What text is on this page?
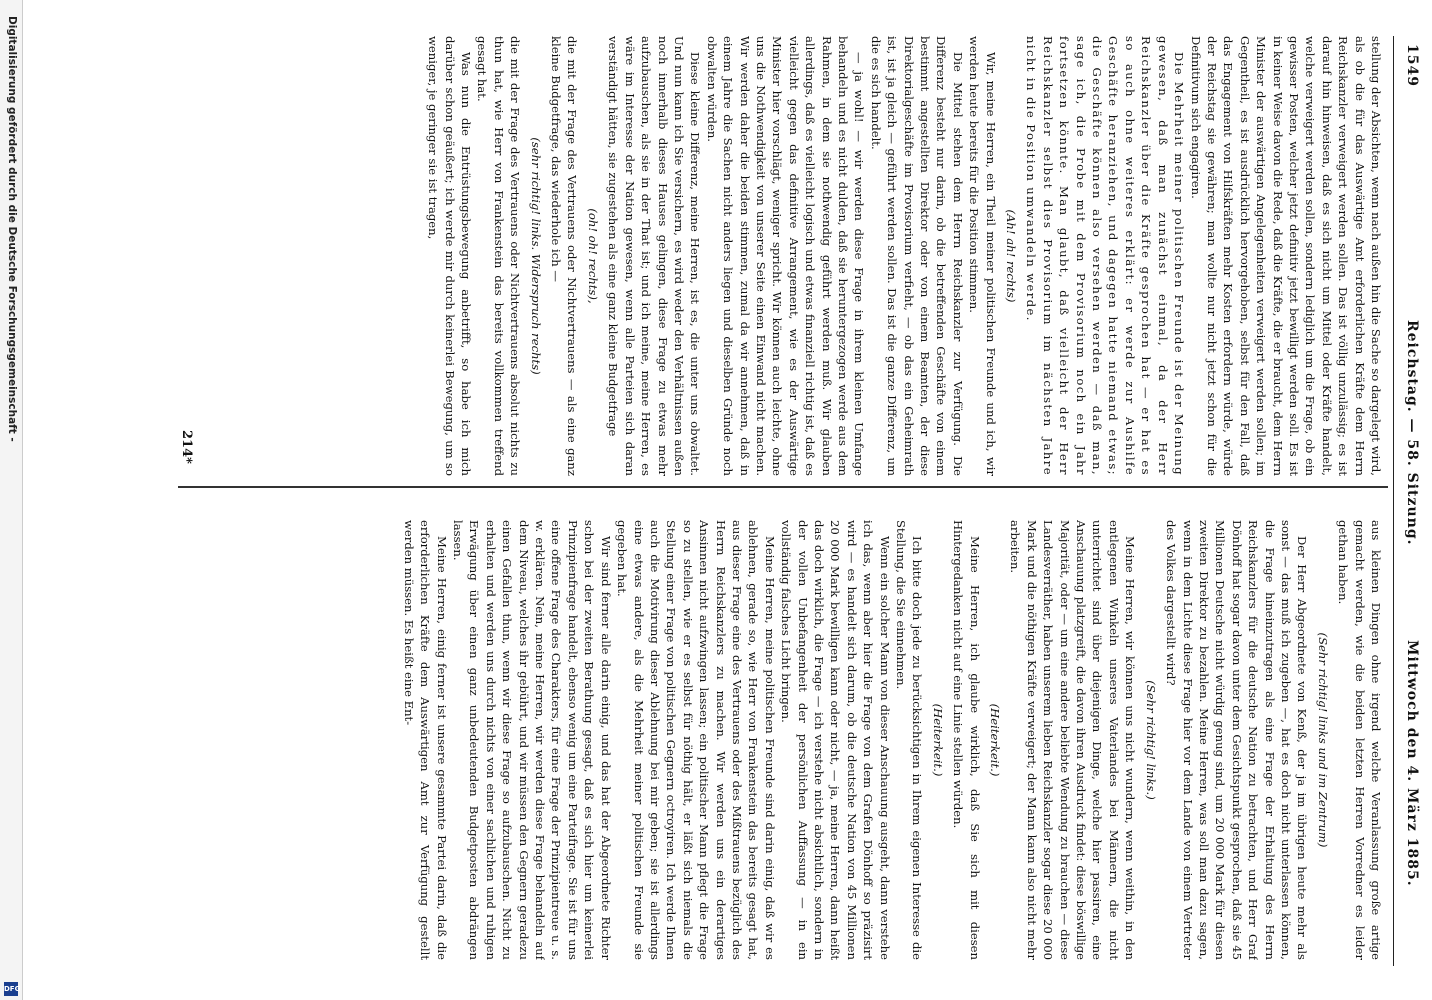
1549
Reichstag. — 58. Sitzung.
Mittwoch den 4. März 1885.

stellung der Absichten, wenn nach außen hin die Sache so dargelegt wird, als ob die für das Auswärtige Amt erforderlichen Kräfte dem Herrn Reichskanzler verweigert werden sollen. Das ist völlig unzulässig; es ist darauf hin hinweisen, daß es sich nicht um Mittel oder Kräfte handelt, welche verweigert werden sollen, sondern lediglich um die Frage, ob ein gewisser Posten, welcher jetzt definitiv jetzt bewilligt werden soll. Es ist in keiner Weise davon die Rede, daß die Kräfte, die er braucht, dem Herrn Minister der auswärtigen Angelegenheiten verweigert werden sollen; im Gegentheil, es ist ausdrücklich hervorgehoben, selbst für den Fall, daß das Engagement von Hilfskräften mehr Kosten erfordern würde, würde der Reichstag sie gewähren; man wollte nur nicht jetzt schon für die Definitivum sich engagiren.

Die Mehrheit meiner politischen Freunde ist der Meinung gewesen, daß man zunächst einmal, da der Herr Reichskanzler über die Kräfte gesprochen hat — er hat es so auch ohne weiteres erklärt: er werde zur Aushilfe Geschäfte heranziehen, und dagegen hatte niemand etwas; die Geschäfte können also versehen werden — daß man, sage ich, die Probe mit dem Provisorium noch ein Jahr fortsetzen könnte. Man glaubt, daß vielleicht der Herr Reichskanzler selbst dies Provisorium im nächsten Jahre nicht in die Position umwandeln werde.

(Ah! ah! rechts)

Wir, meine Herren, ein Theil meiner politischen Freunde und ich, wir werden heute bereits für die Position stimmen.

Die Mittel stehen dem Herrn Reichskanzler zur Verfügung. Die Differenz besteht nur darin, ob die betreffenden Geschäfte von einem bestimmt angestellten Direktor oder von einem Beamten, der diese Direktorialgeschäfte im Provisorium verfieht, — ob das ein Geheimrath ist, ist ja gleich — geführt werden sollen. Das ist die ganze Differenz, um die es sich handelt.

— ja wohl! — wir werden diese Frage in ihrem kleinen Umfange behandeln und es nicht dulden, daß sie heruntergezogen werde aus dem Rahmen, in dem sie nothwendig geführt werden muß. Wir glauben allerdings, daß es vielleicht logisch und etwas finanziell richtig ist, daß es vielleicht gegen das definitive Arrangement, wie es der Auswärtige Minister hier vorschlägt, weniger spricht. Wir können auch leichte, ohne uns die Nothwendigkeit von unserer Seite einen Einwand nicht machen. Wir werden daher die beiden stimmen, zumal da wir annehmen, daß in einem Jahre die Sachen nicht anders liegen und dieselben Gründe noch obwalten würden.

Diese kleine Differenz, meine Herren, ist es, die unter uns obwaltet. Und nun kann ich Sie versichern, es wird weder den Verhältnissen außen noch innerhalb dieses Hauses gelingen, diese Frage zu etwas mehr aufzubauschen, als sie in der That ist; und ich meine, meine Herren, es wäre im Interesse der Nation gewesen, wenn alle Parteien sich daran verständigt hätten, sie zugestehen als eine ganz kleine Budgetfrage

(oh! oh! rechts),

die mit der Frage des Vertrauens oder Nichtvertrauens — als eine ganz kleine Budgetfrage, das wiederhole ich —

(sehr richtig! links. Widerspruch rechts)

die mit der Frage des Vertrauens oder Nichtvertrauens absolut nichts zu thun hat, wie Herr von Frankenstein das bereits vollkommen treffend gesagt hat.

Was nun die Entrüstungsbewegung anbetrifft, so habe ich mich darüber schon geäußert; ich werde mir durch keinerlei Bewegung, um so weniger, je geringer sie ist tragen,

aus kleinen Dingen ohne irgend welche Veranlassung große artige gemacht werden, wie die beiden letzten Herren Vorredner es leider gethan haben.

(Sehr richtig! links und im Zentrum)

Der Herr Abgeordnete von Kenß, der ja im übrigen heute mehr als sonst — das muß ich zugeben —, hat es doch nicht unterlassen können, die Frage hineinzutragen als eine Frage der Erhaltung des Herrn Reichskanzlers für die deutsche Nation zu betrachten, und Herr Graf Dönhoff hat sogar davon unter dem Gesichtspunkt gesprochen, daß sie 45 Millionen Deutsche nicht würdig genug sind, um 20 000 Mark für diesen zweiten Direktor zu bezahlen. Meine Herren, was soll man dazu sagen, wenn in dem Lichte diese Frage hier vor dem Lande von einem Vertreter des Volkes dargestellt wird?

(Sehr richtig! links.)

Meine Herren, wir können uns nicht wundern, wenn weithin, in den entlegenen Winkeln unseres Vaterlandes bei Männern, die nicht unterrichtet sind über diejenigen Dinge, welche hier passiren, eine Anschauung platzgreift, die davon ihren Ausdruck findet: diese böswillige Majorität, oder — um eine andere beliebte Wendung zu brauchen — diese Landesverräther, haben unserem lieben Reichskanzler sogar diese 20 000 Mark und die nöthigen Kräfte verweigert; der Mann kann also nicht mehr arbeiten.

(Heiterkeit.)

Meine Herren, ich glaube wirklich, daß Sie sich mit diesen Hintergedanken nicht auf eine Linie stellen würden.

(Heiterkeit.)

Ich bitte doch jede zu berücksichtigen in Ihrem eigenen Interesse die Stellung, die Sie einnehmen.

Wenn ein solcher Mann von dieser Anschauung ausgeht, dann verstehe ich das, wenn aber hier die Frage von dem Grafen Dönhoff so präzisirt wird — es handelt sich darum, ob die deutsche Nation von 45 Millionen 20 000 Mark bewilligen kann oder nicht, — ja, meine Herren, dann heißt das doch wirklich, die Frage — ich verstehe nicht absichtlich, sondern in der vollen Unbefangenheit der persönlichen Auffassung — in ein vollständig falsches Licht bringen.

Meine Herren, meine politischen Freunde sind darin einig, daß wir es ablehnen, gerade so, wie Herr von Frankenstein das bereits gesagt hat, aus dieser Frage eine des Vertrauens oder des Mißtrauens bezüglich des Herrn Reichskanzlers zu machen. Wir werden uns ein derartiges Ansinnen nicht aufzwingen lassen; ein politischer Mann pflegt die Frage so zu stellen, wie er es selbst für nöthig hält, er läßt sich niemals die Stellung einer Frage von politischen Gegnern octroyiren. Ich werde Ihnen auch die Motivirung dieser Ablehnung bei mir geben; sie ist allerdings eine etwas andere, als die Mehrheit meiner politischen Freunde sie gegeben hat.

Wir sind ferner alle darin einig, und das hat der Abgeordnete Richter schon bei der zweiten Berathung gesagt, daß es sich hier um keinerlei Prinzipienfrage handelt, ebenso wenig um eine Parteifrage. Sie ist für uns eine offene Frage des Charakters, für eine Frage der Prinzipientreue u. s. w. erklären. Nein, meine Herren, wir werden diese Frage behandeln auf dem Niveau, welches ihr gebührt, und wir müssen den Gegnern geradezu einen Gefallen thun, wenn wir diese Frage so aufzubauschen. Nicht zu erhalten und werden uns durch nichts von einer sachlichen und ruhigen Erwägung über einen ganz unbedeutenden Budgetposten abdrängen lassen.

Meine Herren, einig ferner ist unsere gesammte Partei darin, daß die erforderlichen Kräfte dem Auswärtigen Amt zur Verfügung gestellt werden müssen. Es heißt eine Ent-

214*
Digitalisierung gefördert durch die Deutsche Forschungsgemeinschaft -
DFG
